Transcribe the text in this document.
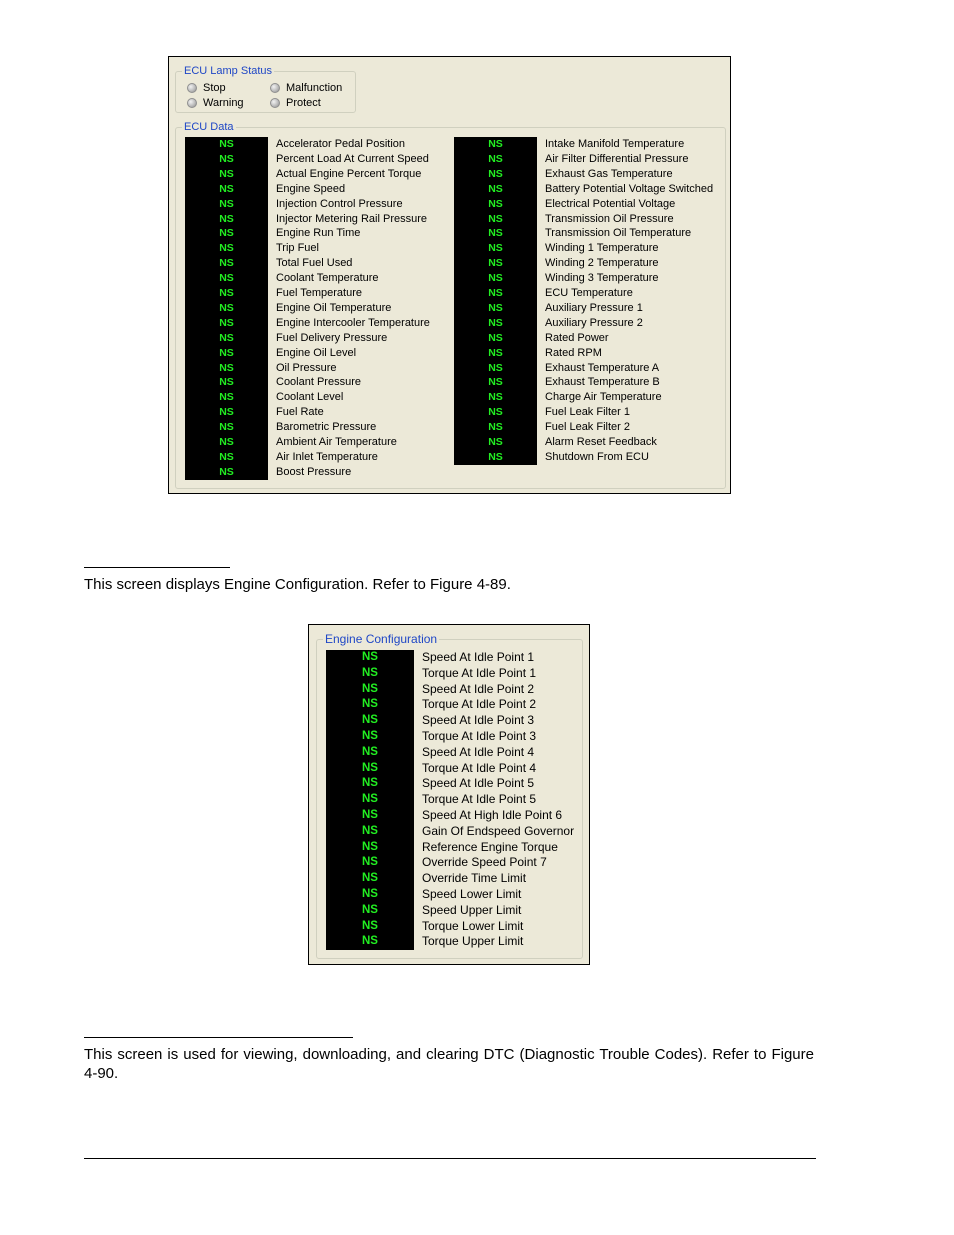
ECU Lamp Status
Stop
Warning
Malfunction
Protect
ECU Data
NS	Accelerator Pedal Position
NS	Percent Load At Current Speed
NS	Actual Engine Percent Torque
NS	Engine Speed
NS	Injection Control Pressure
NS	Injector Metering Rail Pressure
NS	Engine Run Time
NS	Trip Fuel
NS	Total Fuel Used
NS	Coolant Temperature
NS	Fuel Temperature
NS	Engine Oil Temperature
NS	Engine Intercooler Temperature
NS	Fuel Delivery Pressure
NS	Engine Oil Level
NS	Oil Pressure
NS	Coolant Pressure
NS	Coolant Level
NS	Fuel Rate
NS	Barometric Pressure
NS	Ambient Air Temperature
NS	Air Inlet Temperature
NS	Boost Pressure
NS	Intake Manifold Temperature
NS	Air Filter Differential Pressure
NS	Exhaust Gas Temperature
NS	Battery Potential Voltage Switched
NS	Electrical Potential Voltage
NS	Transmission Oil Pressure
NS	Transmission Oil Temperature
NS	Winding 1 Temperature
NS	Winding 2 Temperature
NS	Winding 3 Temperature
NS	ECU Temperature
NS	Auxiliary Pressure 1
NS	Auxiliary Pressure 2
NS	Rated Power
NS	Rated RPM
NS	Exhaust Temperature A
NS	Exhaust Temperature B
NS	Charge Air Temperature
NS	Fuel Leak Filter 1
NS	Fuel Leak Filter 2
NS	Alarm Reset Feedback
NS	Shutdown From ECU
This screen displays Engine Configuration. Refer to Figure 4-89.
Engine Configuration
NS	Speed At Idle Point 1
NS	Torque At Idle Point 1
NS	Speed At Idle Point 2
NS	Torque At Idle Point 2
NS	Speed At Idle Point 3
NS	Torque At Idle Point 3
NS	Speed At Idle Point 4
NS	Torque At Idle Point 4
NS	Speed At Idle Point 5
NS	Torque At Idle Point 5
NS	Speed At High Idle Point 6
NS	Gain Of Endspeed Governor
NS	Reference Engine Torque
NS	Override Speed Point 7
NS	Override Time Limit
NS	Speed Lower Limit
NS	Speed Upper Limit
NS	Torque Lower Limit
NS	Torque Upper Limit
This screen is used for viewing, downloading, and clearing DTC (Diagnostic Trouble Codes). Refer to Figure 4-90.
